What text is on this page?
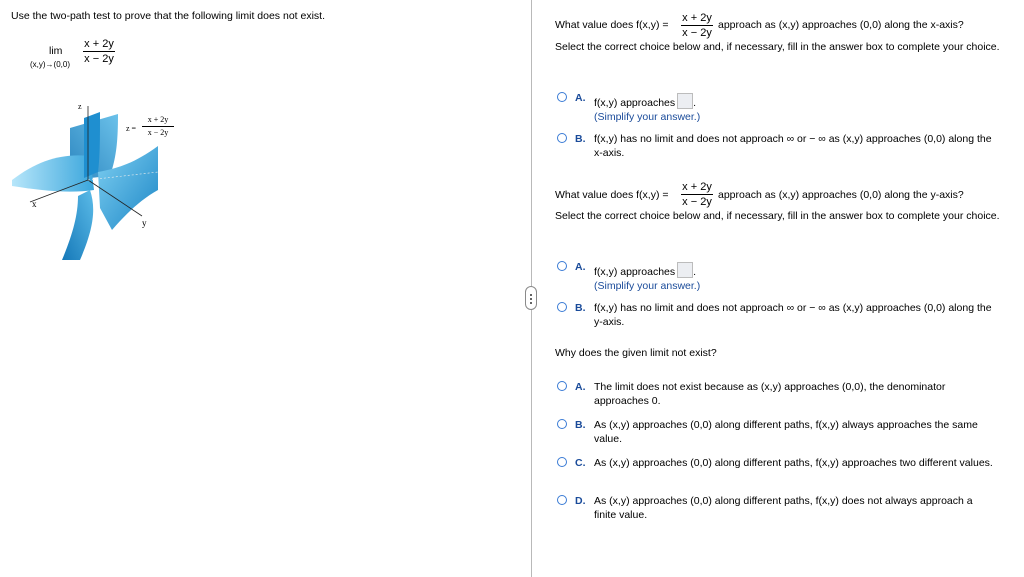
Use the two-path test to prove that the following limit does not exist.
lim
(x,y)→(0,0)
x + 2y
x − 2y
z
x
y
z =
x + 2y
x − 2y
What value does f(x,y) =
x + 2y
x − 2y
approach as (x,y) approaches (0,0) along the x-axis?
Select the correct choice below and, if necessary, fill in the answer box to complete your choice.
A. f(x,y) approaches .
(Simplify your answer.)
B. f(x,y) has no limit and does not approach ∞ or − ∞ as (x,y) approaches (0,0) along the x-axis.
What value does f(x,y) =
x + 2y
x − 2y
approach as (x,y) approaches (0,0) along the y-axis?
Select the correct choice below and, if necessary, fill in the answer box to complete your choice.
A. f(x,y) approaches .
(Simplify your answer.)
B. f(x,y) has no limit and does not approach ∞ or − ∞ as (x,y) approaches (0,0) along the y-axis.
Why does the given limit not exist?
A. The limit does not exist because as (x,y) approaches (0,0), the denominator approaches 0.
B. As (x,y) approaches (0,0) along different paths, f(x,y) always approaches the same value.
C. As (x,y) approaches (0,0) along different paths, f(x,y) approaches two different values.
D. As (x,y) approaches (0,0) along different paths, f(x,y) does not always approach a finite value.
